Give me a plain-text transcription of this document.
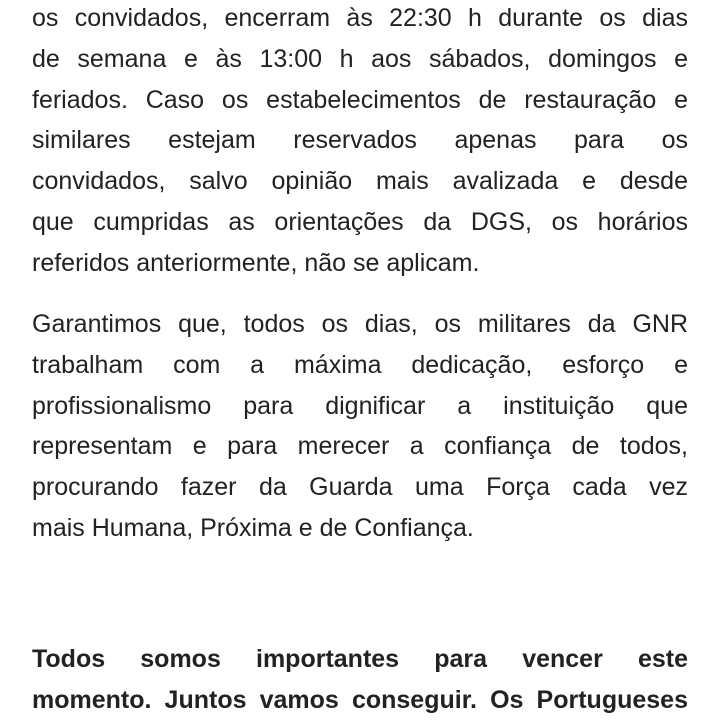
os convidados, encerram às 22:30 h durante os dias
de semana e às 13:00 h aos sábados, domingos e
feriados. Caso os estabelecimentos de restauração e
similares estejam reservados apenas para os
convidados, salvo opinião mais avalizada e desde
que cumpridas as orientações da DGS, os horários
referidos anteriormente, não se aplicam.
Garantimos que, todos os dias, os militares da GNR
trabalham com a máxima dedicação, esforço e
profissionalismo para dignificar a instituição que
representam e para merecer a confiança de todos,
procurando fazer da Guarda uma Força cada vez
mais Humana, Próxima e de Confiança.
Todos somos importantes para vencer este
momento. Juntos vamos conseguir. Os Portugueses
